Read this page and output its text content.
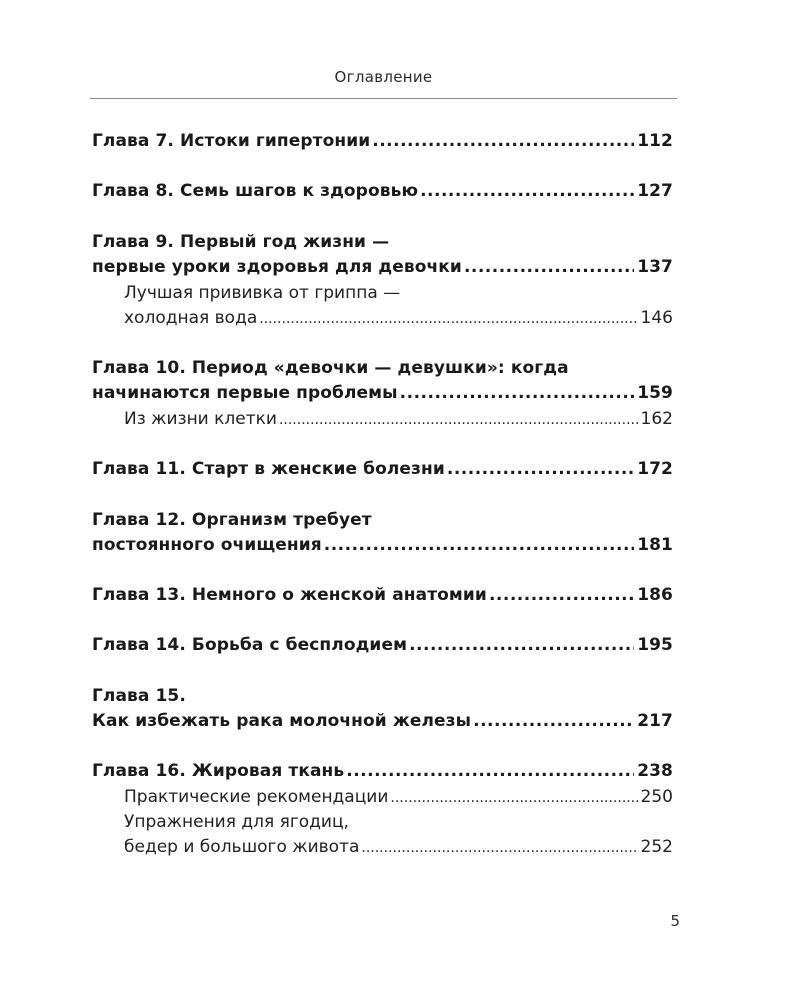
Оглавление
Глава 7. Истоки гипертонии .....	112
Глава 8. Семь шагов к здоровью .....	127
Глава 9. Первый год жизни —
первые уроки здоровья для девочки .....	137
Лучшая прививка от гриппа —
холодная вода .....	146
Глава 10. Период «девочки — девушки»: когда
начинаются первые проблемы .....	159
Из жизни клетки .....	162
Глава 11. Старт в женские болезни .....	172
Глава 12. Организм требует
постоянного очищения .....	181
Глава 13. Немного о женской анатомии .....	186
Глава 14. Борьба с бесплодием .....	195
Глава 15.
Как избежать рака молочной железы .....	217
Глава 16. Жировая ткань .....	238
Практические рекомендации .....	250
Упражнения для ягодиц,
бедер и большого живота .....	252
5
